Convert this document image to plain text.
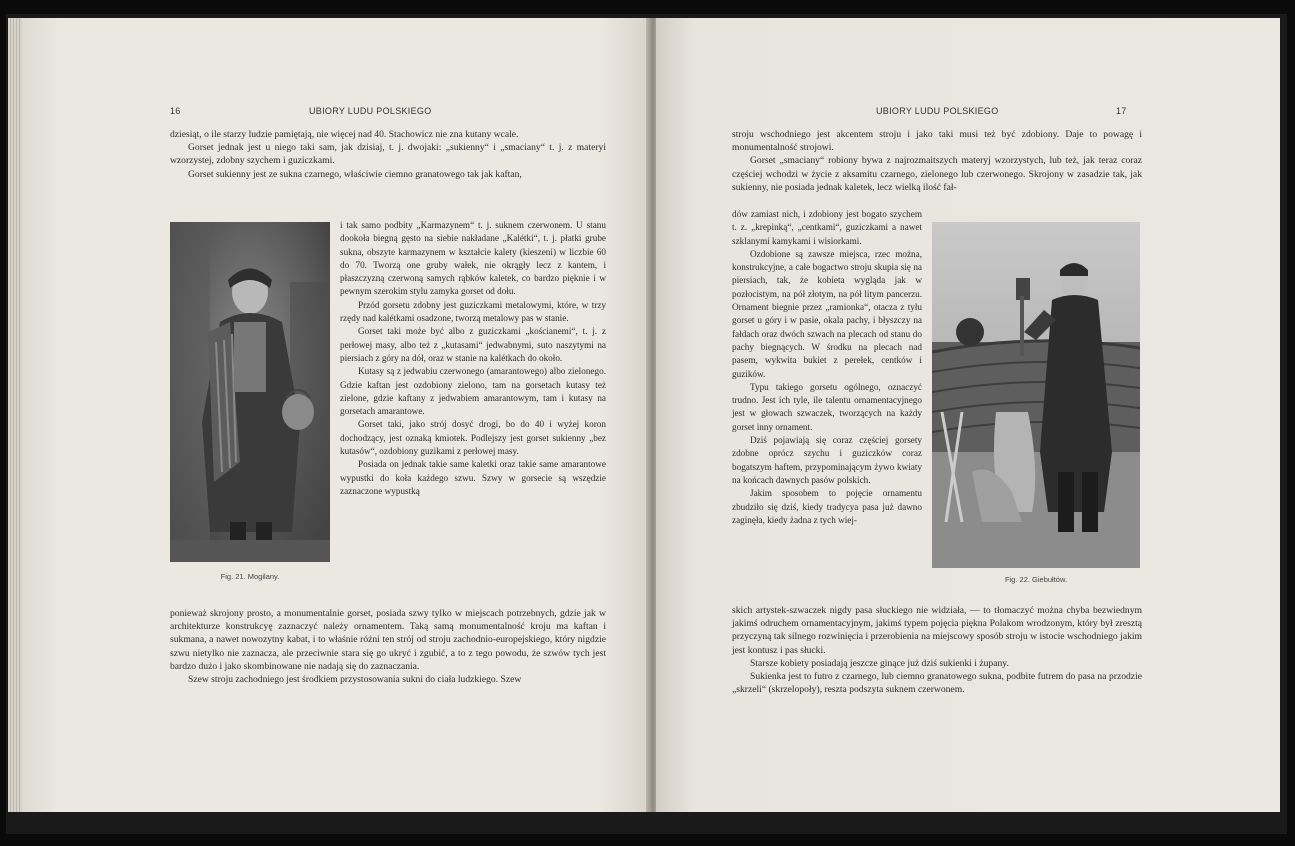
16	UBIORY LUDU POLSKIEGO

dziesiąt, o ile starzy ludzie pamiętają, nie więcej nad 40. Stachowicz nie zna kutany wcale.

Gorset jednak jest u niego taki sam, jak dzisiaj, t. j. dwojaki: „sukienny“ i „smaciany“ t. j. z materyi wzorzystej, zdobny szychem i guziczkami.

Gorset sukienny jest ze sukna czarnego, właściwie ciemno granatowego tak jak kaftan,

Fig. 21. Mogilany.

i tak samo podbity „Karmazynem“ t. j. suknem czerwonem. U stanu dookoła biegną gęsto na siebie nakładane „Kalétki“, t. j. płatki grube sukna, obszyte karmazynem w kształcie kalety (kieszeni) w liczbie 60 do 70. Tworzą one gruby wałek, nie okrągły lecz z kantem, i płaszczyzną czerwoną samych rąbków kaletek, co bardzo pięknie i w pewnym szerokim stylu zamyka gorset od dołu.

Przód gorsetu zdobny jest guziczkami metalowymi, które, w trzy rzędy nad kalétkami osadzone, tworzą metalowy pas w stanie.

Gorset taki może być albo z guziczkami „kościanemi“, t. j. z perłowej masy, albo też z „kutasami“ jedwabnymi, suto naszytymi na piersiach z góry na dół, oraz w stanie na kalétkach do około.

Kutasy są z jedwabiu czerwonego (amarantowego) albo zielonego. Gdzie kaftan jest ozdobiony zielono, tam na gorsetach kutasy też zielone, gdzie kaftany z jedwabiem amarantowym, tam i kutasy na gorsetach amarantowe.

Gorset taki, jako strój dosyć drogi, bo do 40 i wyżej koron dochodzący, jest oznaką kmiotek. Podlejszy jest gorset sukienny „bez kutasów“, ozdobiony guzikami z perłowej masy.

Posiada on jednak takie same kaletki oraz takie same amarantowe wypustki do koła każdego szwu. Szwy w gorsecie są wszędzie zaznaczone wypustką

ponieważ skrojony prosto, a monumentalnie gorset, posiada szwy tylko w miejscach potrzebnych, gdzie jak w architekturze konstrukcyę zaznaczyć należy ornamentem. Taką samą monumentalność kroju ma kaftan i sukmana, a nawet nowozytny kabat, i to właśnie różni ten strój od stroju zachodnio-europejskiego, który nigdzie szwu nietylko nie zaznacza, ale przeciwnie stara się go ukryć i zgubić, a to z tego powodu, że szwów tych jest bardzo dużo i jako skombinowane nie nadają się do zaznaczania.

Szew stroju zachodniego jest środkiem przystosowania sukni do ciała ludzkiego. Szew

UBIORY LUDU POLSKIEGO	17

stroju wschodniego jest akcentem stroju i jako taki musi też być zdobiony. Daje to powagę i monumentalność strojowi.

Gorset „smaciany“ robiony bywa z najrozmaitszych materyj wzorzystych, lub też, jak teraz coraz częściej wchodzi w życie z aksamitu czarnego, zielonego lub czerwonego. Skrojony w zasadzie tak, jak sukienny, nie posiada jednak kaletek, lecz wielką ilość fał-

dów zamiast nich, i zdobiony jest bogato szychem t. z. „krepinką“, „centkami“, guziczkami a nawet szklanymi kamykami i wisiorkami.

Ozdobione są zawsze miejsca, rzec można, konstrukcyjne, a całe bogactwo stroju skupia się na piersiach, tak, że kobieta wygląda jak w pozłocistym, na pół złotym, na pół litym pancerzu. Ornament biegnie przez „ramionka“, otacza z tyłu gorset u góry i w pasie, okala pachy, i błyszczy na fałdach oraz dwóch szwach na plecach od stanu do pachy biegnących. W środku na plecach nad pasem, wykwita bukiet z perełek, centków i guzików.

Typu takiego gorsetu ogólnego, oznaczyć trudno. Jest ich tyle, ile talentu ornamentacyjnego jest w głowach szwaczek, tworzących na każdy gorset inny ornament.

Dziś pojawiają się coraz częściej gorsety zdobne oprócz szychu i guziczków coraz bogatszym haftem, przypominającym żywo kwiaty na końcach dawnych pasów polskich.

Jakim sposobem to pojęcie ornamentu zbudziło się dziś, kiedy tradycya pasa już dawno zaginęła, kiedy żadna z tych wiej-

Fig. 22. Giebułtów.

skich artystek-szwaczek nigdy pasa słuckiego nie widziała, — to tłomaczyć można chyba bezwiednym jakimś odruchem ornamentacyjnym, jakimś typem pojęcia piękna Polakom wrodzonym, który był zresztą przyczyną tak silnego rozwinięcia i przerobienia na miejscowy sposób stroju w istocie wschodniego jakim jest kontusz i pas słucki.

Starsze kobiety posiadają jeszcze ginące już dziś sukienki i żupany.

Sukienka jest to futro z czarnego, lub ciemno granatowego sukna, podbite futrem do pasa na przodzie „skrzeli“ (skrzelopoły), reszta podszyta suknem czerwonem.
